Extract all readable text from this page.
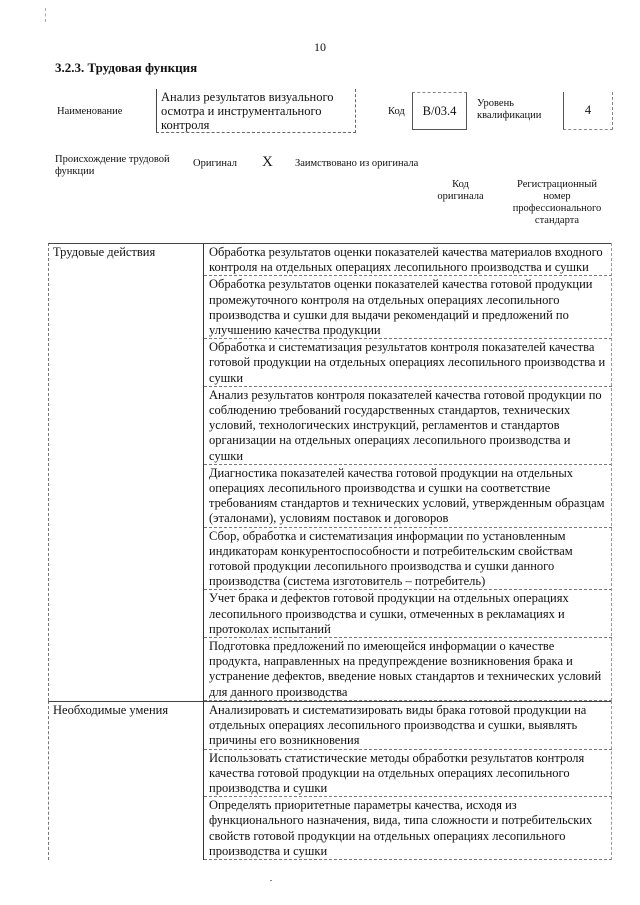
10
3.2.3. Трудовая функция
Наименование
Анализ результатов визуального осмотра и инструментального контроля
Код	В/03.4
Уровень квалификации	4
Происхождение трудовой функции
Оригинал X Заимствовано из оригинала
Код оригинала
Регистрационный номер профессионального стандарта
Трудовые действия	Обработка результатов оценки показателей качества материалов входного контроля на отдельных операциях лесопильного производства и сушки
Обработка результатов оценки показателей качества готовой продукции промежуточного контроля на отдельных операциях лесопильного производства и сушки для выдачи рекомендаций и предложений по улучшению качества продукции
Обработка и систематизация результатов контроля показателей качества готовой продукции на отдельных операциях лесопильного производства и сушки
Анализ результатов контроля показателей качества готовой продукции по соблюдению требований государственных стандартов, технических условий, технологических инструкций, регламентов и стандартов организации на отдельных операциях лесопильного производства и сушки
Диагностика показателей качества готовой продукции на отдельных операциях лесопильного производства и сушки на соответствие требованиям стандартов и технических условий, утвержденным образцам (эталонами), условиям поставок и договоров
Сбор, обработка и систематизация информации по установленным индикаторам конкурентоспособности и потребительским свойствам готовой продукции лесопильного производства и сушки данного производства (система изготовитель – потребитель)
Учет брака и дефектов готовой продукции на отдельных операциях лесопильного производства и сушки, отмеченных в рекламациях и протоколах испытаний
Подготовка предложений по имеющейся информации о качестве продукта, направленных на предупреждение возникновения брака и устранение дефектов, введение новых стандартов и технических условий для данного производства
Необходимые умения	Анализировать и систематизировать виды брака готовой продукции на отдельных операциях лесопильного производства и сушки, выявлять причины его возникновения
Использовать статистические методы обработки результатов контроля качества готовой продукции на отдельных операциях лесопильного производства и сушки
Определять приоритетные параметры качества, исходя из функционального назначения, вида, типа сложности и потребительских свойств готовой продукции на отдельных операциях лесопильного производства и сушки
